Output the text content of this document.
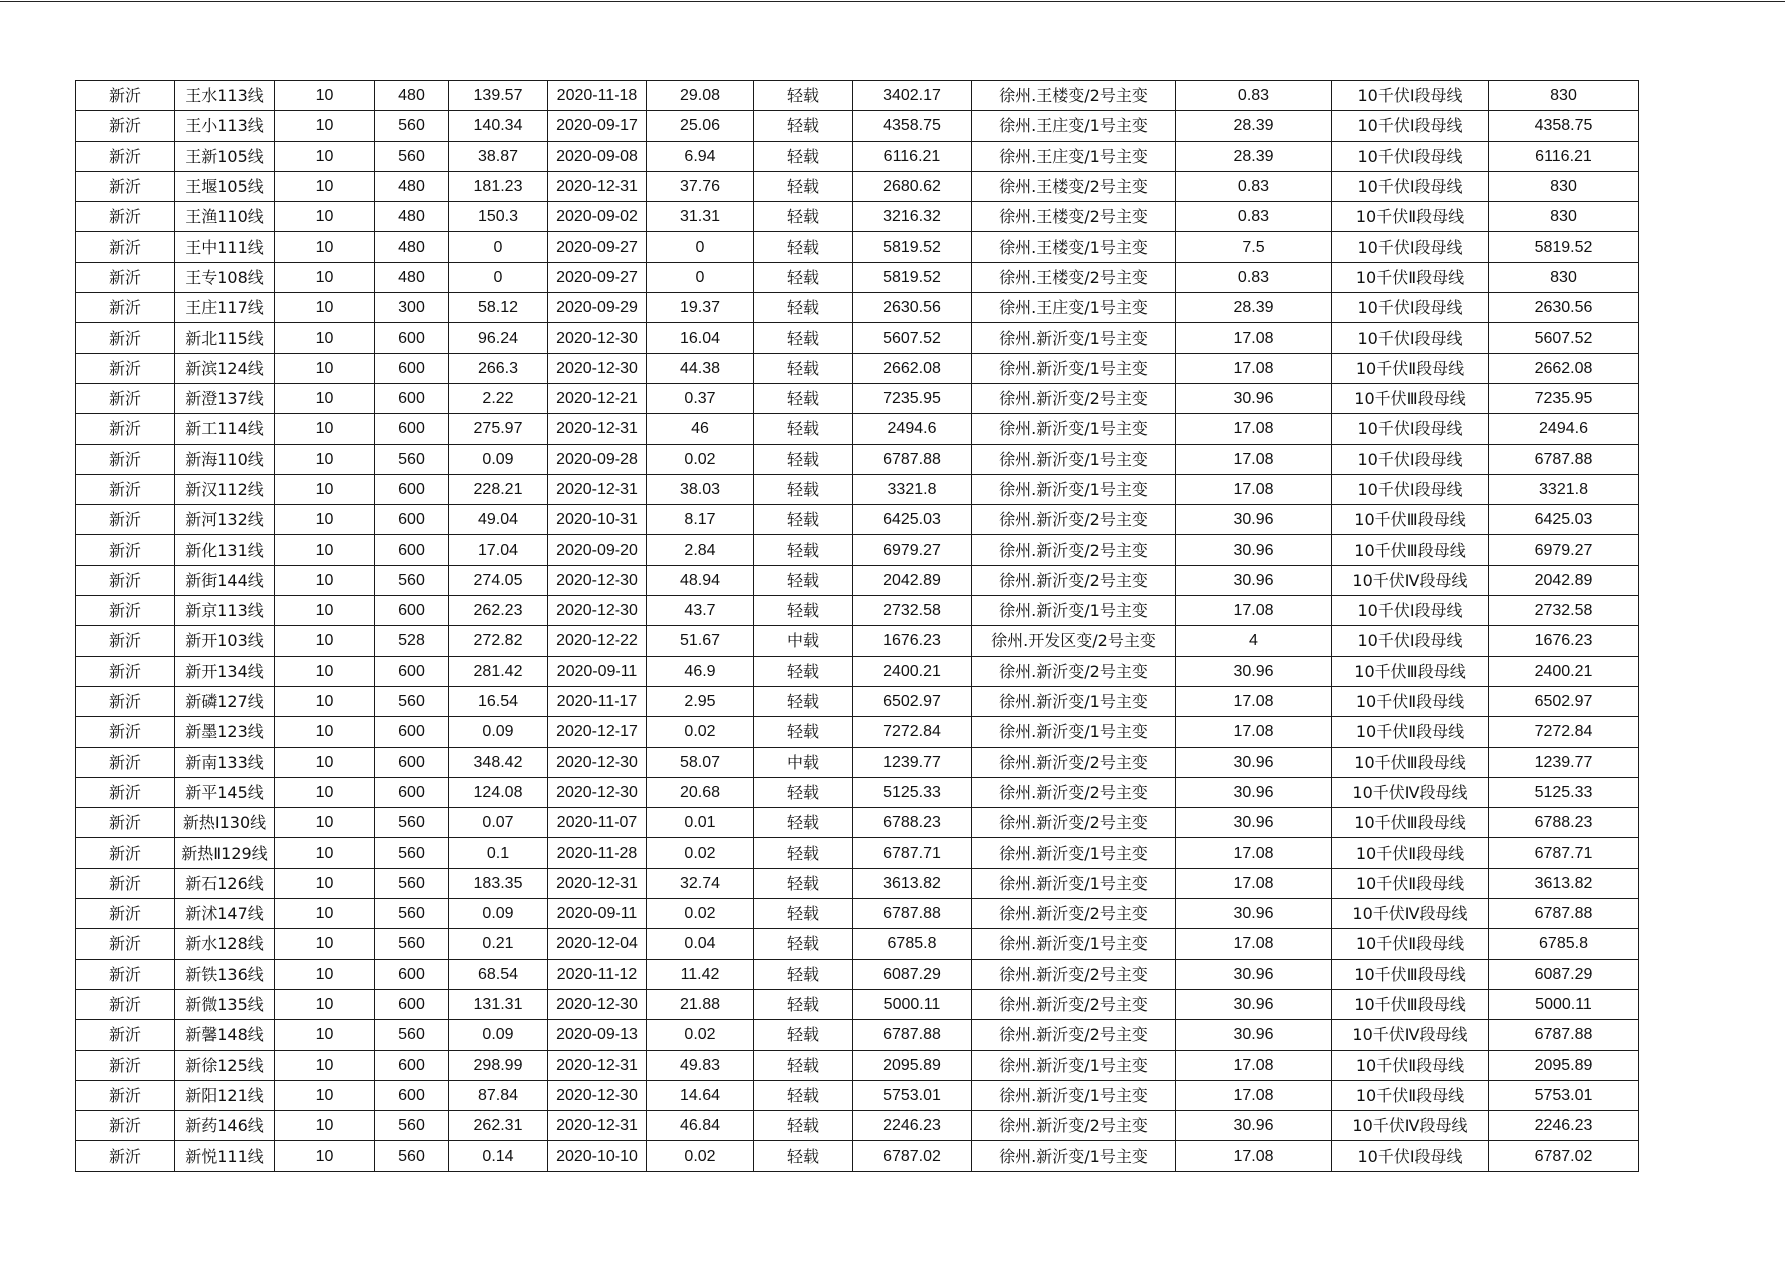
新沂	王水113线	10	480	139.57	2020-11-18	29.08	轻载	3402.17	徐州.王楼变/2号主变	0.83	10千伏Ⅰ段母线	830
新沂	王小113线	10	560	140.34	2020-09-17	25.06	轻载	4358.75	徐州.王庄变/1号主变	28.39	10千伏Ⅰ段母线	4358.75
新沂	王新105线	10	560	38.87	2020-09-08	6.94	轻载	6116.21	徐州.王庄变/1号主变	28.39	10千伏Ⅰ段母线	6116.21
新沂	王堰105线	10	480	181.23	2020-12-31	37.76	轻载	2680.62	徐州.王楼变/2号主变	0.83	10千伏Ⅰ段母线	830
新沂	王渔110线	10	480	150.3	2020-09-02	31.31	轻载	3216.32	徐州.王楼变/2号主变	0.83	10千伏Ⅱ段母线	830
新沂	王中111线	10	480	0	2020-09-27	0	轻载	5819.52	徐州.王楼变/1号主变	7.5	10千伏Ⅰ段母线	5819.52
新沂	王专108线	10	480	0	2020-09-27	0	轻载	5819.52	徐州.王楼变/2号主变	0.83	10千伏Ⅱ段母线	830
新沂	王庄117线	10	300	58.12	2020-09-29	19.37	轻载	2630.56	徐州.王庄变/1号主变	28.39	10千伏Ⅰ段母线	2630.56
新沂	新北115线	10	600	96.24	2020-12-30	16.04	轻载	5607.52	徐州.新沂变/1号主变	17.08	10千伏Ⅰ段母线	5607.52
新沂	新滨124线	10	600	266.3	2020-12-30	44.38	轻载	2662.08	徐州.新沂变/1号主变	17.08	10千伏Ⅱ段母线	2662.08
新沂	新澄137线	10	600	2.22	2020-12-21	0.37	轻载	7235.95	徐州.新沂变/2号主变	30.96	10千伏Ⅲ段母线	7235.95
新沂	新工114线	10	600	275.97	2020-12-31	46	轻载	2494.6	徐州.新沂变/1号主变	17.08	10千伏Ⅰ段母线	2494.6
新沂	新海110线	10	560	0.09	2020-09-28	0.02	轻载	6787.88	徐州.新沂变/1号主变	17.08	10千伏Ⅰ段母线	6787.88
新沂	新汉112线	10	600	228.21	2020-12-31	38.03	轻载	3321.8	徐州.新沂变/1号主变	17.08	10千伏Ⅰ段母线	3321.8
新沂	新河132线	10	600	49.04	2020-10-31	8.17	轻载	6425.03	徐州.新沂变/2号主变	30.96	10千伏Ⅲ段母线	6425.03
新沂	新化131线	10	600	17.04	2020-09-20	2.84	轻载	6979.27	徐州.新沂变/2号主变	30.96	10千伏Ⅲ段母线	6979.27
新沂	新街144线	10	560	274.05	2020-12-30	48.94	轻载	2042.89	徐州.新沂变/2号主变	30.96	10千伏Ⅳ段母线	2042.89
新沂	新京113线	10	600	262.23	2020-12-30	43.7	轻载	2732.58	徐州.新沂变/1号主变	17.08	10千伏Ⅰ段母线	2732.58
新沂	新开103线	10	528	272.82	2020-12-22	51.67	中载	1676.23	徐州.开发区变/2号主变	4	10千伏Ⅰ段母线	1676.23
新沂	新开134线	10	600	281.42	2020-09-11	46.9	轻载	2400.21	徐州.新沂变/2号主变	30.96	10千伏Ⅲ段母线	2400.21
新沂	新磷127线	10	560	16.54	2020-11-17	2.95	轻载	6502.97	徐州.新沂变/1号主变	17.08	10千伏Ⅱ段母线	6502.97
新沂	新墨123线	10	600	0.09	2020-12-17	0.02	轻载	7272.84	徐州.新沂变/1号主变	17.08	10千伏Ⅱ段母线	7272.84
新沂	新南133线	10	600	348.42	2020-12-30	58.07	中载	1239.77	徐州.新沂变/2号主变	30.96	10千伏Ⅲ段母线	1239.77
新沂	新平145线	10	600	124.08	2020-12-30	20.68	轻载	5125.33	徐州.新沂变/2号主变	30.96	10千伏Ⅳ段母线	5125.33
新沂	新热Ⅰ130线	10	560	0.07	2020-11-07	0.01	轻载	6788.23	徐州.新沂变/2号主变	30.96	10千伏Ⅲ段母线	6788.23
新沂	新热Ⅱ129线	10	560	0.1	2020-11-28	0.02	轻载	6787.71	徐州.新沂变/1号主变	17.08	10千伏Ⅱ段母线	6787.71
新沂	新石126线	10	560	183.35	2020-12-31	32.74	轻载	3613.82	徐州.新沂变/1号主变	17.08	10千伏Ⅱ段母线	3613.82
新沂	新沭147线	10	560	0.09	2020-09-11	0.02	轻载	6787.88	徐州.新沂变/2号主变	30.96	10千伏Ⅳ段母线	6787.88
新沂	新水128线	10	560	0.21	2020-12-04	0.04	轻载	6785.8	徐州.新沂变/1号主变	17.08	10千伏Ⅱ段母线	6785.8
新沂	新铁136线	10	600	68.54	2020-11-12	11.42	轻载	6087.29	徐州.新沂变/2号主变	30.96	10千伏Ⅲ段母线	6087.29
新沂	新微135线	10	600	131.31	2020-12-30	21.88	轻载	5000.11	徐州.新沂变/2号主变	30.96	10千伏Ⅲ段母线	5000.11
新沂	新馨148线	10	560	0.09	2020-09-13	0.02	轻载	6787.88	徐州.新沂变/2号主变	30.96	10千伏Ⅳ段母线	6787.88
新沂	新徐125线	10	600	298.99	2020-12-31	49.83	轻载	2095.89	徐州.新沂变/1号主变	17.08	10千伏Ⅱ段母线	2095.89
新沂	新阳121线	10	600	87.84	2020-12-30	14.64	轻载	5753.01	徐州.新沂变/1号主变	17.08	10千伏Ⅱ段母线	5753.01
新沂	新药146线	10	560	262.31	2020-12-31	46.84	轻载	2246.23	徐州.新沂变/2号主变	30.96	10千伏Ⅳ段母线	2246.23
新沂	新悦111线	10	560	0.14	2020-10-10	0.02	轻载	6787.02	徐州.新沂变/1号主变	17.08	10千伏Ⅰ段母线	6787.02
